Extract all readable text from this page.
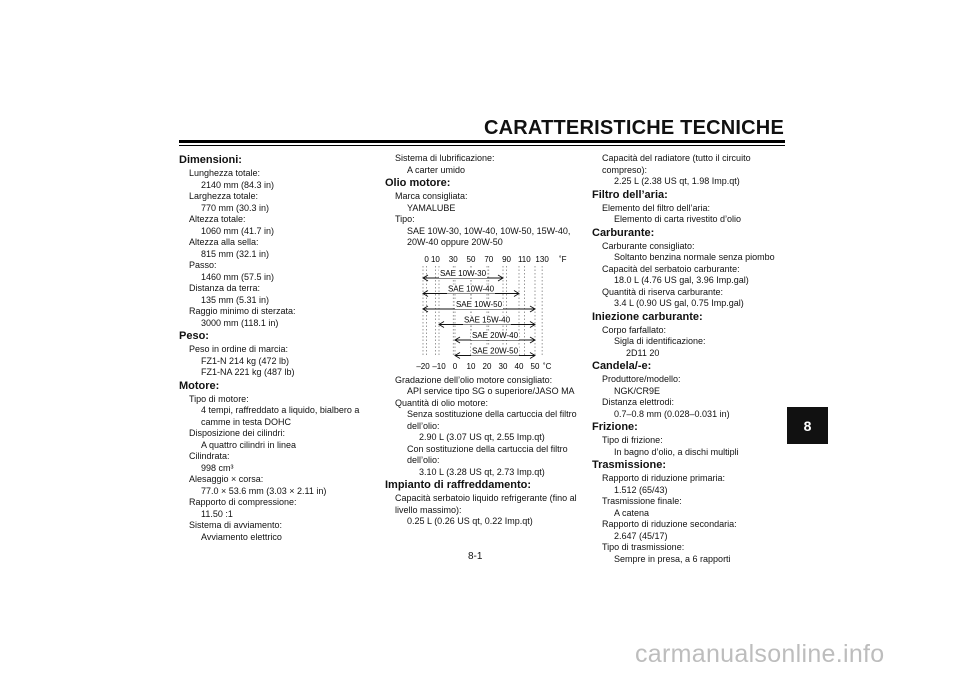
CARATTERISTICHE TECNICHE
Dimensioni:
Lunghezza totale:
2140 mm (84.3 in)
Larghezza totale:
770 mm (30.3 in)
Altezza totale:
1060 mm (41.7 in)
Altezza alla sella:
815 mm (32.1 in)
Passo:
1460 mm (57.5 in)
Distanza da terra:
135 mm (5.31 in)
Raggio minimo di sterzata:
3000 mm (118.1 in)
Peso:
Peso in ordine di marcia:
FZ1-N 214 kg (472 lb)
FZ1-NA 221 kg (487 lb)
Motore:
Tipo di motore:
4 tempi, raffreddato a liquido, bialbero a
camme in testa DOHC
Disposizione dei cilindri:
A quattro cilindri in linea
Cilindrata:
998 cm³
Alesaggio × corsa:
77.0 × 53.6 mm (3.03 × 2.11 in)
Rapporto di compressione:
11.50 :1
Sistema di avviamento:
Avviamento elettrico
Sistema di lubrificazione:
A carter umido
Olio motore:
Marca consigliata:
YAMALUBE
Tipo:
SAE 10W-30, 10W-40, 10W-50, 15W-40,
20W-40 oppure 20W-50
0 10 30 50 70 90 110 130 ˚F
–20 –10 0 10 20 30 40 50 ˚C
SAE 10W-30
SAE 10W-40
SAE 10W-50
SAE 15W-40
SAE 20W-40
SAE 20W-50
Gradazione dell’olio motore consigliato:
API service tipo SG o superiore/JASO MA
Quantità di olio motore:
Senza sostituzione della cartuccia del filtro
dell’olio:
2.90 L (3.07 US qt, 2.55 Imp.qt)
Con sostituzione della cartuccia del filtro
dell’olio:
3.10 L (3.28 US qt, 2.73 Imp.qt)
Impianto di raffreddamento:
Capacità serbatoio liquido refrigerante (fino al
livello massimo):
0.25 L (0.26 US qt, 0.22 Imp.qt)
Capacità del radiatore (tutto il circuito
compreso):
2.25 L (2.38 US qt, 1.98 Imp.qt)
Filtro dell’aria:
Elemento del filtro dell’aria:
Elemento di carta rivestito d’olio
Carburante:
Carburante consigliato:
Soltanto benzina normale senza piombo
Capacità del serbatoio carburante:
18.0 L (4.76 US gal, 3.96 Imp.gal)
Quantità di riserva carburante:
3.4 L (0.90 US gal, 0.75 Imp.gal)
Iniezione carburante:
Corpo farfallato:
Sigla di identificazione:
2D11 20
Candela/-e:
Produttore/modello:
NGK/CR9E
Distanza elettrodi:
0.7–0.8 mm (0.028–0.031 in)
Frizione:
Tipo di frizione:
In bagno d’olio, a dischi multipli
Trasmissione:
Rapporto di riduzione primaria:
1.512 (65/43)
Trasmissione finale:
A catena
Rapporto di riduzione secondaria:
2.647 (45/17)
Tipo di trasmissione:
Sempre in presa, a 6 rapporti
8
8-1
carmanualsonline.info
